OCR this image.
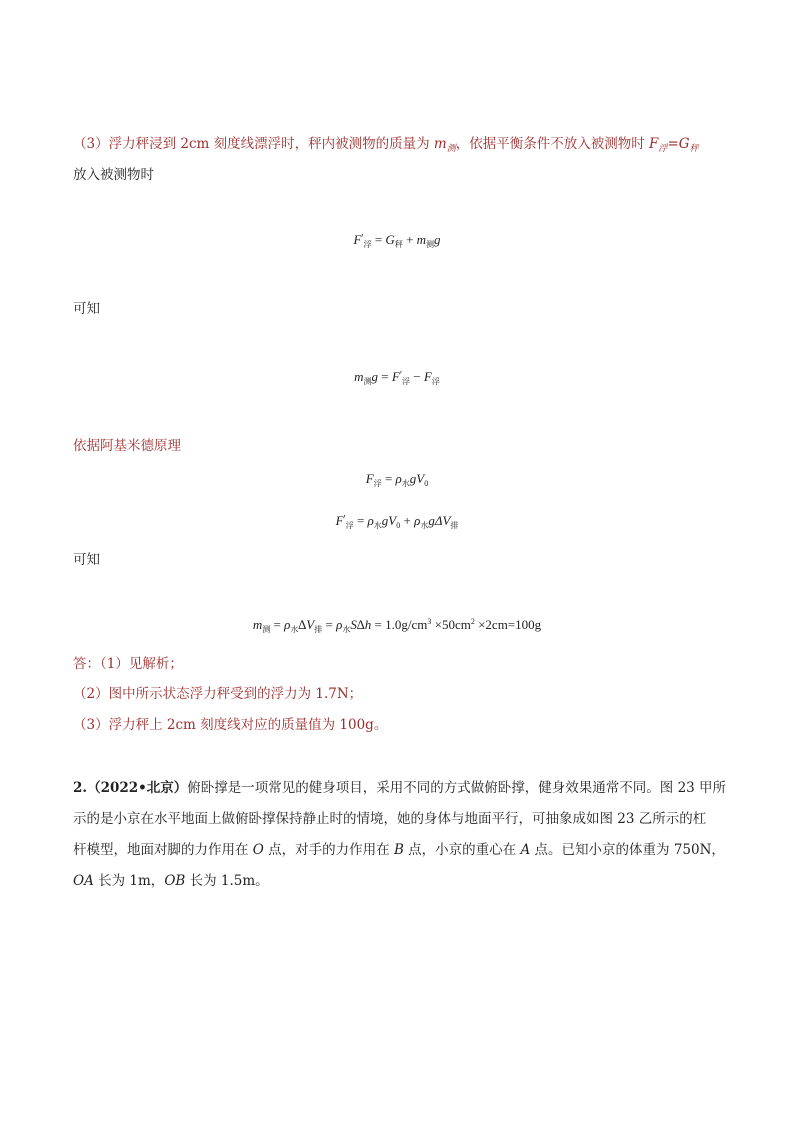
（3）浮力秤浸到 2cm 刻度线漂浮时，秤内被测物的质量为 $m_测$，依据平衡条件不放入被测物时 $F_浮=G_秤$
放入被测物时
$F'_浮 = G_秤 + m_测g$
可知
$m_测g = F'_浮 - F_浮$
依据阿基米德原理
$F_浮 = \rho_水gV_0$
$F'_浮 = \rho_水gV_0 + \rho_水g\Delta V_排$
可知
$m_测 = \rho_水\Delta V_排 = \rho_水S\Delta h = 1.0g/cm^3 \times 50cm^2 \times 2cm=100g$
答：（1）见解析；
（2）图中所示状态浮力秤受到的浮力为 1.7N；
（3）浮力秤上 2cm 刻度线对应的质量值为 100g。
2.（2022•北京）俯卧撑是一项常见的健身项目，采用不同的方式做俯卧撑，健身效果通常不同。图 23 甲所
示的是小京在水平地面上做俯卧撑保持静止时的情境，她的身体与地面平行，可抽象成如图 23 乙所示的杠
杆模型，地面对脚的力作用在 O 点，对手的力作用在 B 点，小京的重心在 A 点。已知小京的体重为 750N，
OA 长为 1m，OB 长为 1.5m。
